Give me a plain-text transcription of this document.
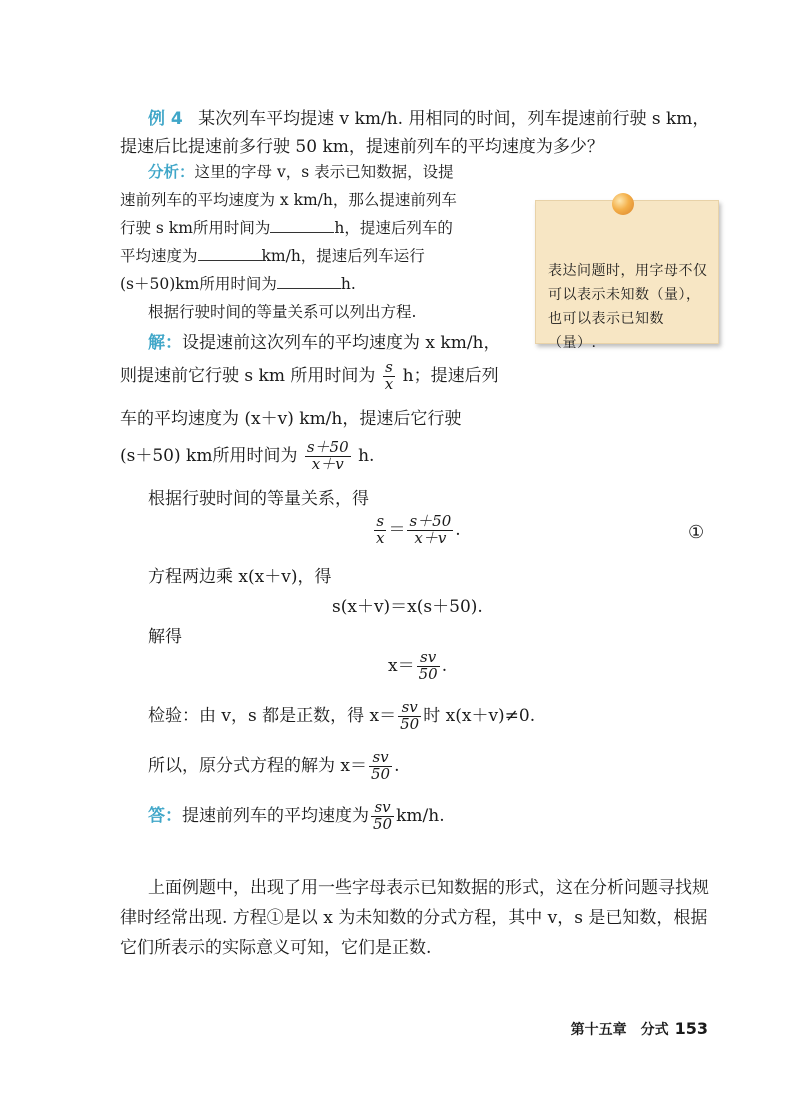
例 4 某次列车平均提速 v km/h. 用相同的时间，列车提速前行驶 s km，
提速后比提速前多行驶 50 km，提速前列车的平均速度为多少？
分析：这里的字母 v，s 表示已知数据，设提
速前列车的平均速度为 x km/h，那么提速前列车
行驶 s km所用时间为	h，提速后列车的
平均速度为	km/h，提速后列车运行
(s＋50)km所用时间为	h.
根据行驶时间的等量关系可以列出方程.
表达问题时，用字母不仅可以表示未知数（量），也可以表示已知数（量）.
解：设提速前这次列车的平均速度为 x km/h，
则提速前它行驶 s km 所用时间为 $\frac{s}{x}$ h；提速后列
车的平均速度为 (x＋v) km/h，提速后它行驶
(s＋50) km所用时间为 $\frac{s+50}{x+v} h$.
根据行驶时间的等量关系，得
$\frac{s}{x} = \frac{s+50}{x+v}$ .	①
方程两边乘 x(x＋v)，得
s(x＋v)＝x(s＋50).
解得
$x= \frac{sv}{50}$ .
检验：由 v，s 都是正数，得 $x= \frac{sv}{50}$ 时 x(x＋v)≠0.
所以，原分式方程的解为 $x= \frac{sv}{50}$ .
答：提速前列车的平均速度为 $\frac{sv}{50} km/h$.
上面例题中，出现了用一些字母表示已知数据的形式，这在分析问题寻找规律时经常出现. 方程①是以 x 为未知数的分式方程，其中 v，s 是已知数，根据它们所表示的实际意义可知，它们是正数.
第十五章　分式 153
